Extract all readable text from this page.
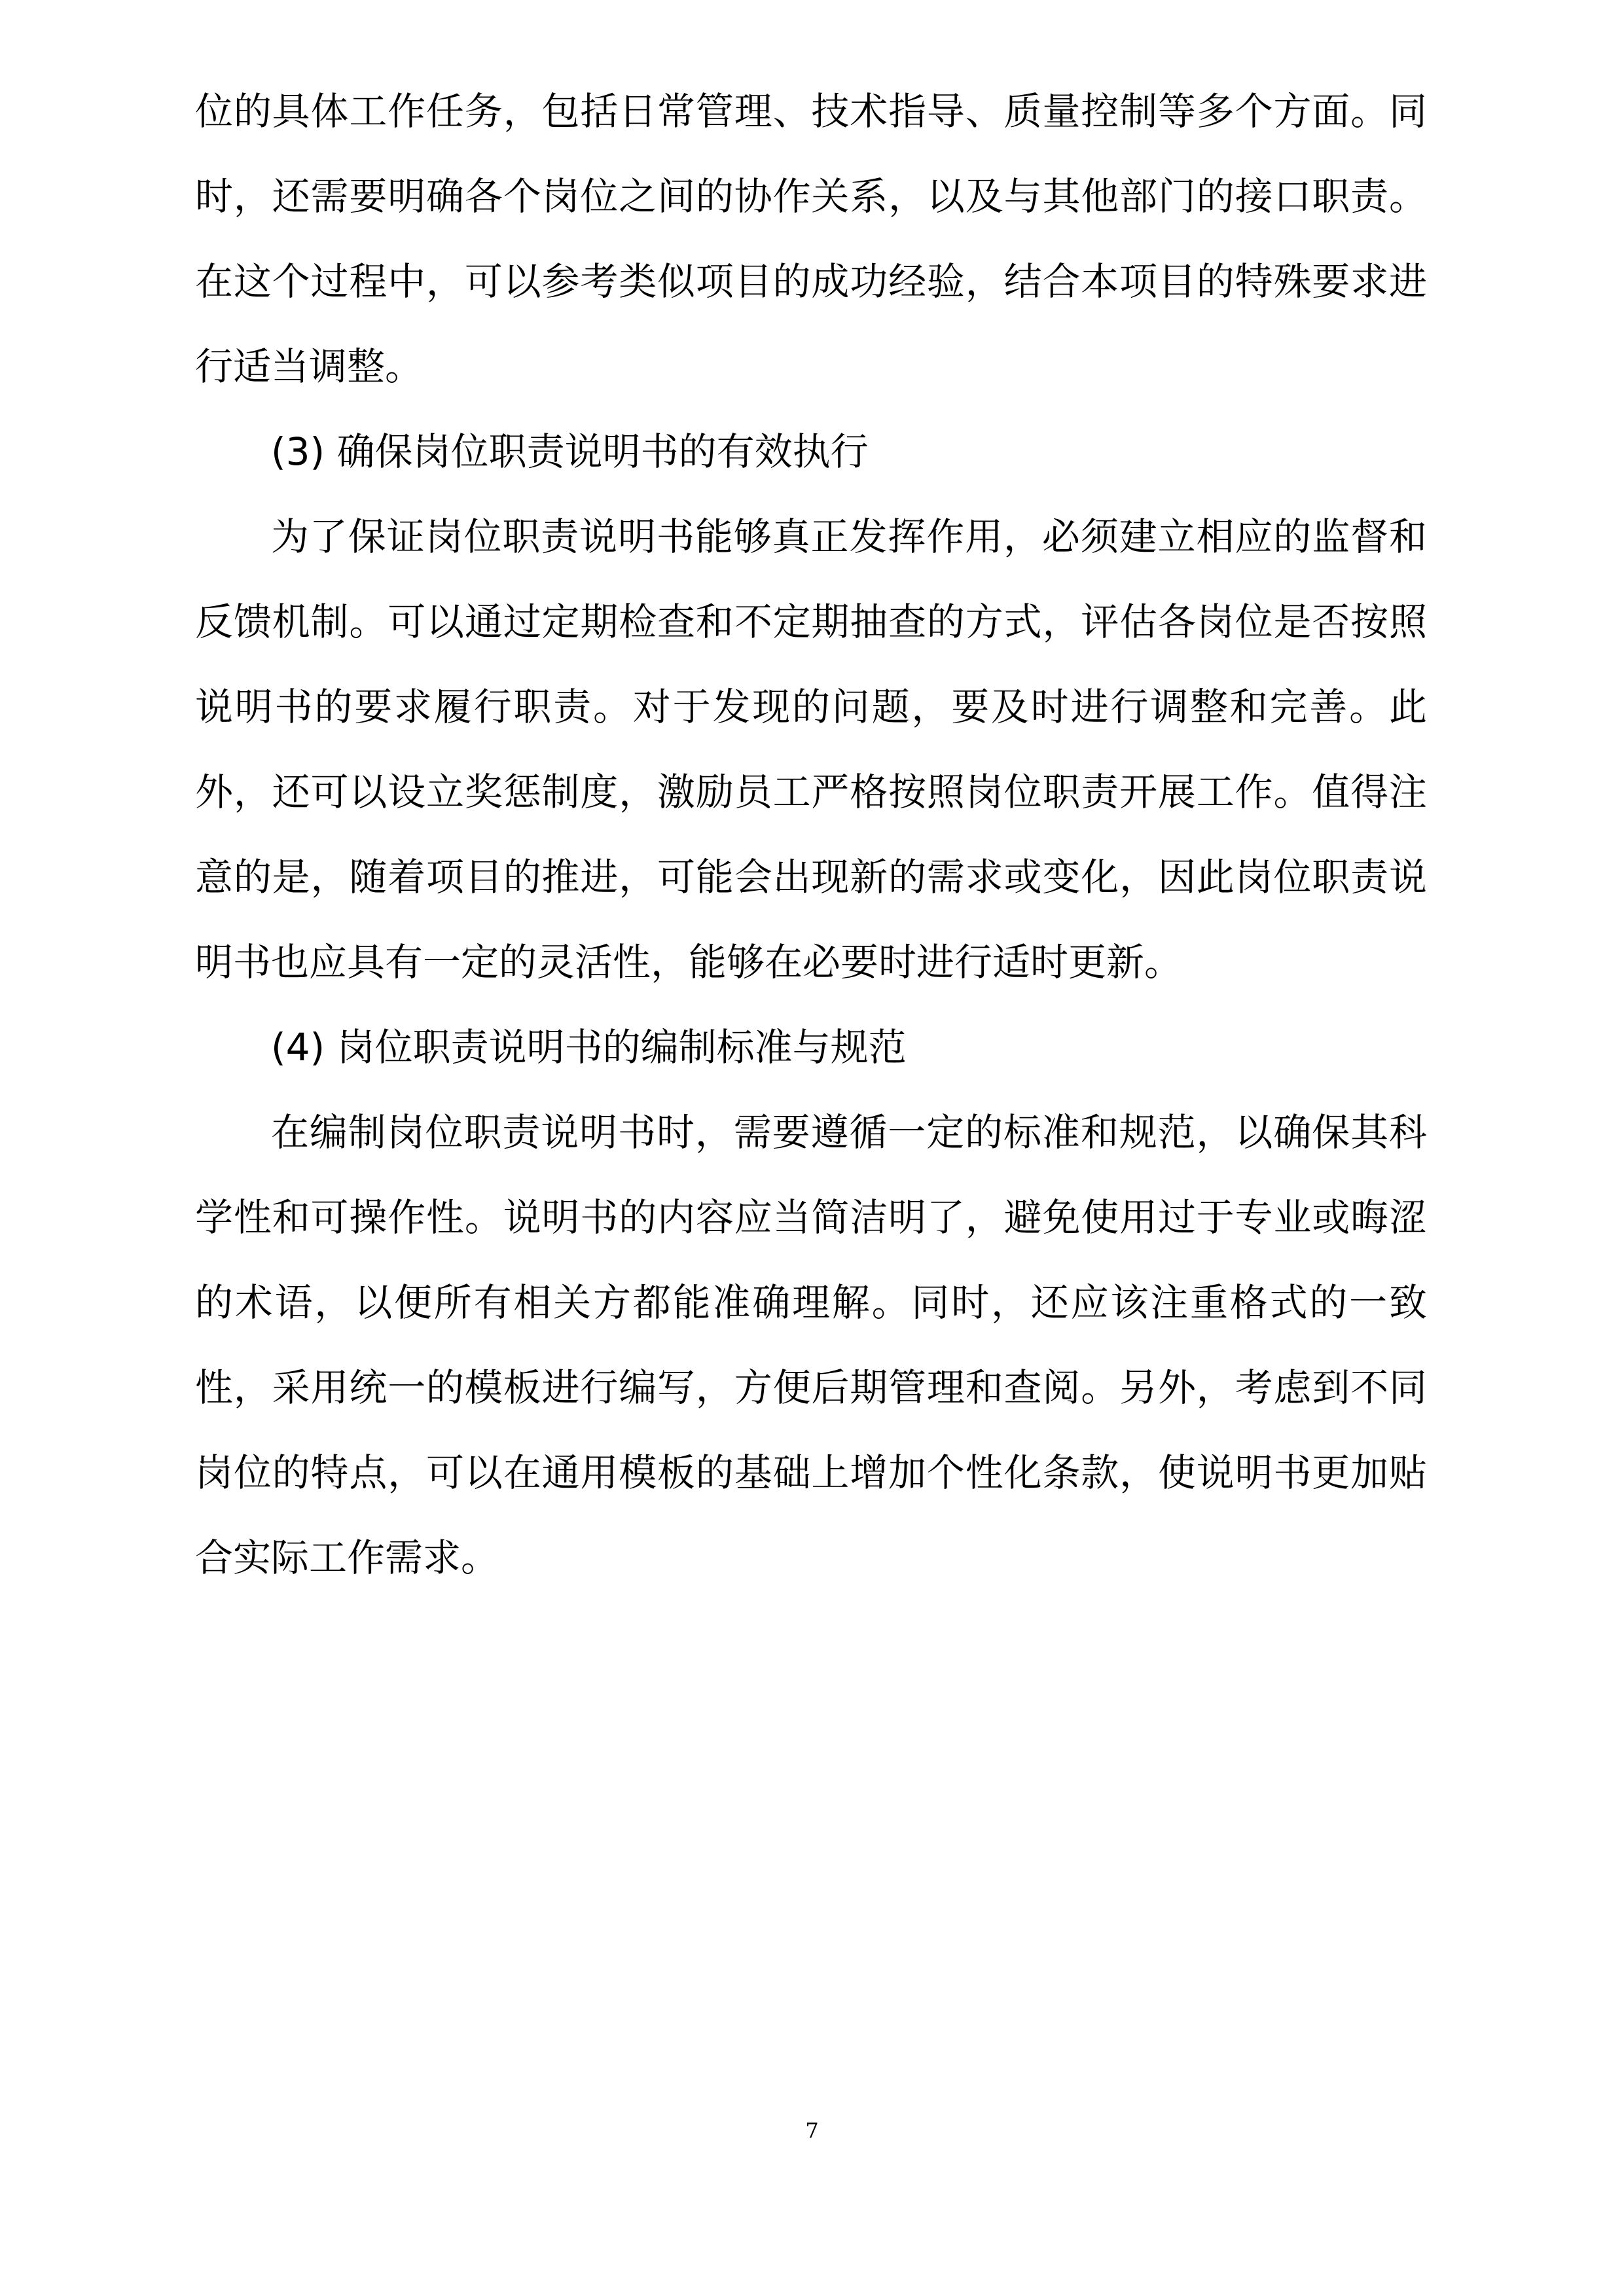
位的具体工作任务，包括日常管理、技术指导、质量控制等多个方面。同
时，还需要明确各个岗位之间的协作关系，以及与其他部门的接口职责。
在这个过程中，可以参考类似项目的成功经验，结合本项目的特殊要求进
行适当调整。
(3) 确保岗位职责说明书的有效执行
为了保证岗位职责说明书能够真正发挥作用，必须建立相应的监督和
反馈机制。可以通过定期检查和不定期抽查的方式，评估各岗位是否按照
说明书的要求履行职责。对于发现的问题，要及时进行调整和完善。此
外，还可以设立奖惩制度，激励员工严格按照岗位职责开展工作。值得注
意的是，随着项目的推进，可能会出现新的需求或变化，因此岗位职责说
明书也应具有一定的灵活性，能够在必要时进行适时更新。
(4) 岗位职责说明书的编制标准与规范
在编制岗位职责说明书时，需要遵循一定的标准和规范，以确保其科
学性和可操作性。说明书的内容应当简洁明了，避免使用过于专业或晦涩
的术语，以便所有相关方都能准确理解。同时，还应该注重格式的一致
性，采用统一的模板进行编写，方便后期管理和查阅。另外，考虑到不同
岗位的特点，可以在通用模板的基础上增加个性化条款，使说明书更加贴
合实际工作需求。
7
